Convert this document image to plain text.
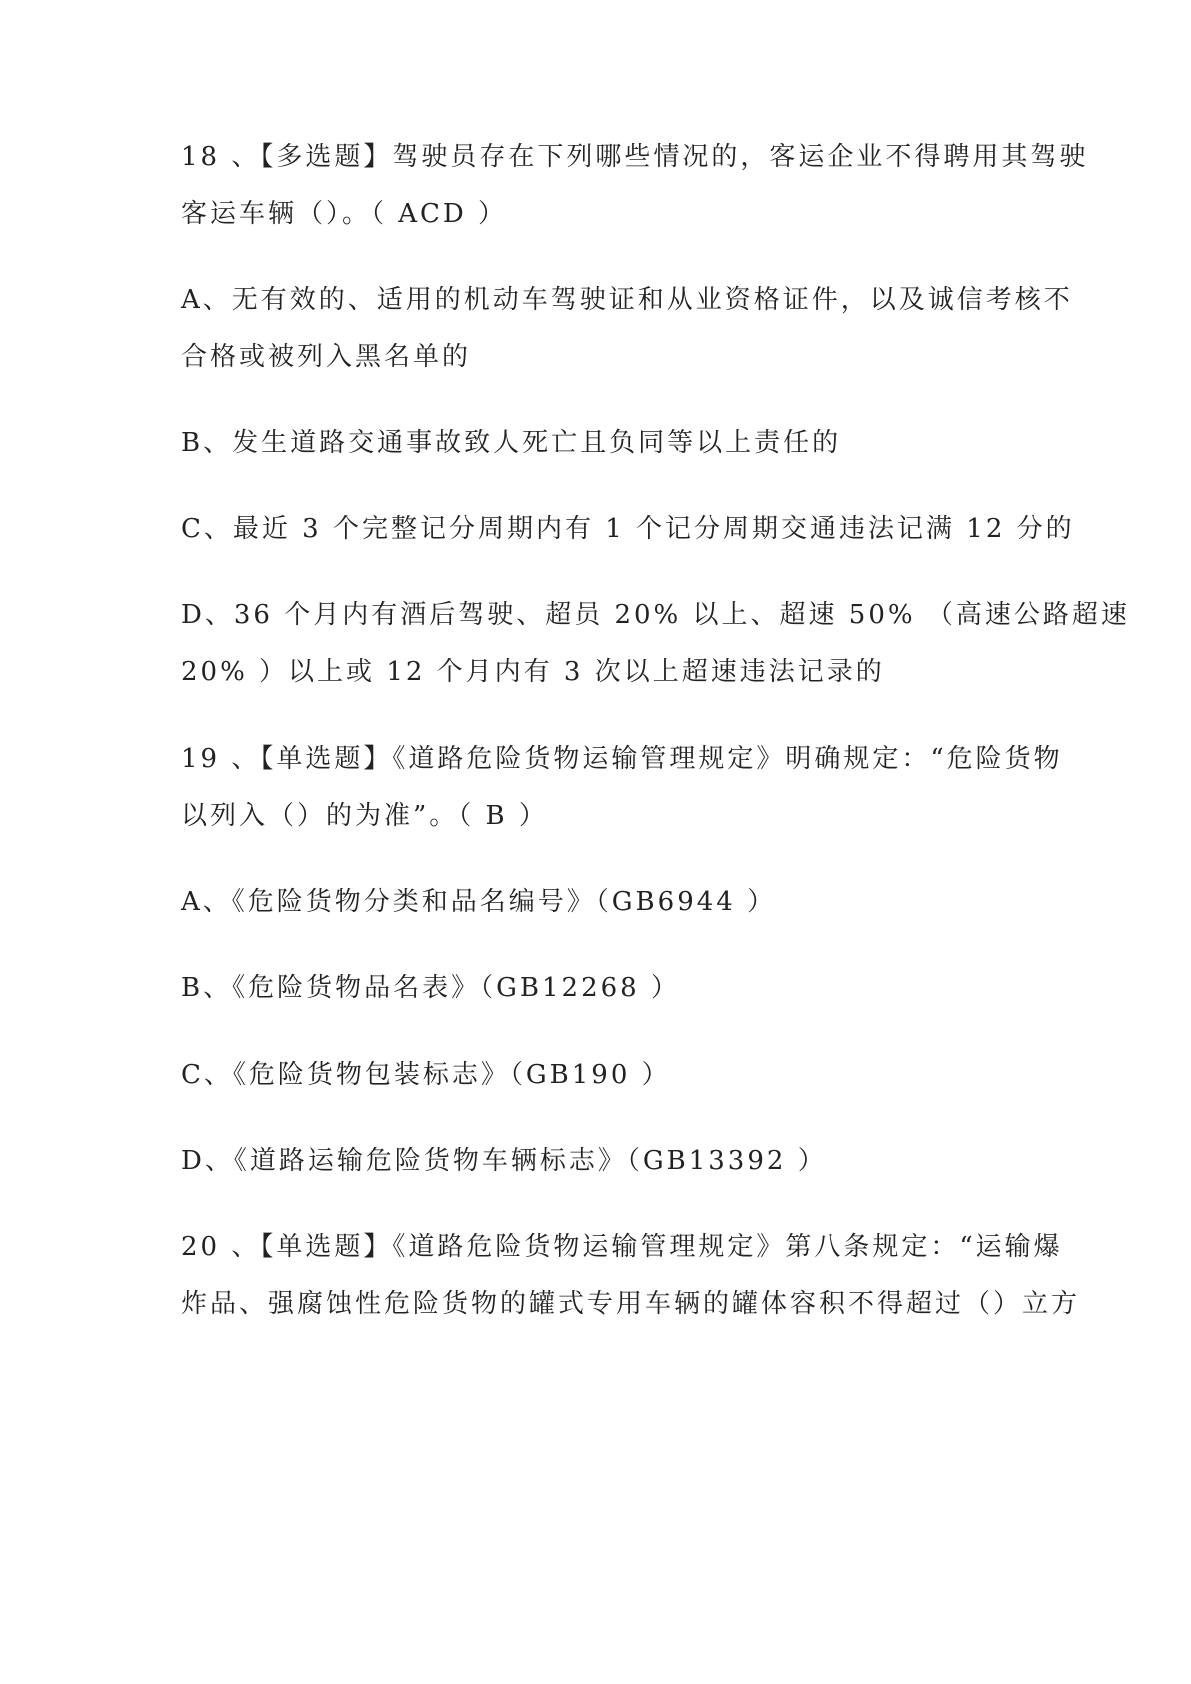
18 、【多选题】驾驶员存在下列哪些情况的，客运企业不得聘用其驾驶
客运车辆（）。（ ACD ）
A、无有效的、适用的机动车驾驶证和从业资格证件，以及诚信考核不
合格或被列入黑名单的
B、发生道路交通事故致人死亡且负同等以上责任的
C、最近 3 个完整记分周期内有 1 个记分周期交通违法记满 12 分的
D、36 个月内有酒后驾驶、超员 20% 以上、超速 50% （高速公路超速
20% ）以上或 12 个月内有 3 次以上超速违法记录的
19 、【单选题】《道路危险货物运输管理规定》明确规定：“危险货物
以列入（）的为准”。（ B ）
A、《危险货物分类和品名编号》（GB6944 ）
B、《危险货物品名表》（GB12268 ）
C、《危险货物包装标志》（GB190 ）
D、《道路运输危险货物车辆标志》（GB13392 ）
20 、【单选题】《道路危险货物运输管理规定》第八条规定：“运输爆
炸品、强腐蚀性危险货物的罐式专用车辆的罐体容积不得超过（）立方
